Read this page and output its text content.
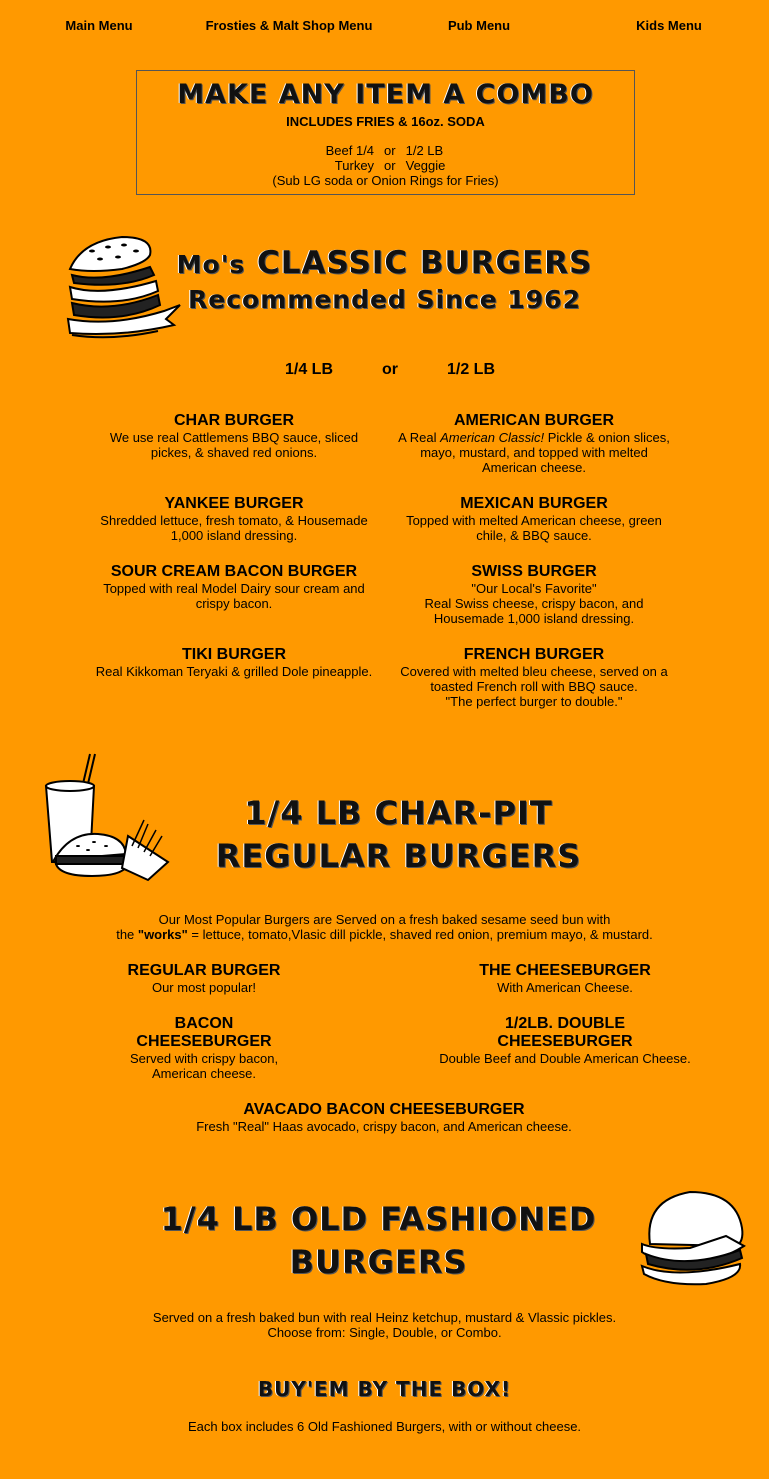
Main Menu	Frosties & Malt Shop Menu	Pub Menu	Kids Menu
MAKE ANY ITEM A COMBO
INCLUDES FRIES & 16oz. SODA
Beef 1/4	or	1/2 LB
Turkey	or	Veggie
(Sub LG soda or Onion Rings for Fries)
Mo's CLASSIC BURGERS
Recommended Since 1962
1/4 LB	or	1/2 LB
CHAR BURGER
We use real Cattlemens BBQ sauce, sliced pickes, & shaved red onions.
AMERICAN BURGER
A Real American Classic! Pickle & onion slices, mayo, mustard, and topped with melted American cheese.
YANKEE BURGER
Shredded lettuce, fresh tomato, & Housemade 1,000 island dressing.
MEXICAN BURGER
Topped with melted American cheese, green chile, & BBQ sauce.
SOUR CREAM BACON BURGER
Topped with real Model Dairy sour cream and crispy bacon.
SWISS BURGER
"Our Local's Favorite"
Real Swiss cheese, crispy bacon, and Housemade 1,000 island dressing.
TIKI BURGER
Real Kikkoman Teryaki & grilled Dole pineapple.
FRENCH BURGER
Covered with melted bleu cheese, served on a toasted French roll with BBQ sauce.
"The perfect burger to double."
1/4 LB CHAR-PIT
REGULAR BURGERS
Our Most Popular Burgers are Served on a fresh baked sesame seed bun with
the "works" = lettuce, tomato,Vlasic dill pickle, shaved red onion, premium mayo, & mustard.
REGULAR BURGER
Our most popular!
THE CHEESEBURGER
With American Cheese.
BACON CHEESEBURGER
Served with crispy bacon, American cheese.
1/2LB. DOUBLE CHEESEBURGER
Double Beef and Double American Cheese.
AVACADO BACON CHEESEBURGER
Fresh "Real" Haas avocado, crispy bacon, and American cheese.
1/4 LB OLD FASHIONED
BURGERS
Served on a fresh baked bun with real Heinz ketchup, mustard & Vlassic pickles.
Choose from: Single, Double, or Combo.
BUY'EM BY THE BOX!
Each box includes 6 Old Fashioned Burgers, with or without cheese.
